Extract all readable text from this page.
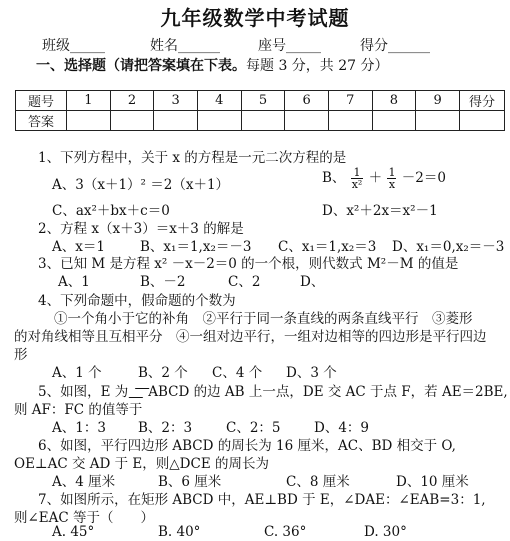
九年级数学中考试题
班级_____	姓名______	座号_____	得分______
一、选择题（请把答案填在下表。每题 3 分，共 27 分）
题号	1	2	3	4	5	6	7	8	9	得分
答案										
1、下列方程中，关于 x 的方程是一元二次方程的是
A、3（x＋1）² ＝2（x＋1）	B、 $\frac{1}{\text{x²}} + \frac{1}{x} -2=0$
C、ax²＋bx＋c＝0	D、x²＋2x＝x²－1
2、方程 x（x＋3）＝x＋3 的解是
A、x＝1	B、x₁＝1,x₂＝－3 C、x₁＝1,x₂＝3 D、x₁＝0,x₂＝－3
3、已知 M 是方程 x² －x－2＝0 的一个根，则代数式 M²－M 的值是
A、1	B、－2	C、2	D、
4、下列命题中，假命题的个数为
①一个角小于它的补角　②平行于同一条直线的两条直线平行　③菱形
的对角线相等且互相平分　④一组对边平行，一组对边相等的四边形是平行四边
形
A、1 个	B、2 个 C、4 个 D、3 个
5、如图，E 为 ABCD 的边 AB 上一点，DE 交 AC 于点 F，若 AE＝2BE,
则 AF：FC 的值等于
A、1：3 B、2：3	C、2：5 D、4：9
6、如图，平行四边形 ABCD 的周长为 16 厘米，AC、BD 相交于 O,
OE⊥AC 交 AD 于 E，则△DCE 的周长为
A、4 厘米	B、6 厘米	C、8 厘米	D、10 厘米
7、如图所示，在矩形 ABCD 中，AE⊥BD 于 E，∠DAE：∠EAB=3：1,
则∠EAC 等于（　　）
A. 45°	B. 40°	C. 36°	D. 30°
